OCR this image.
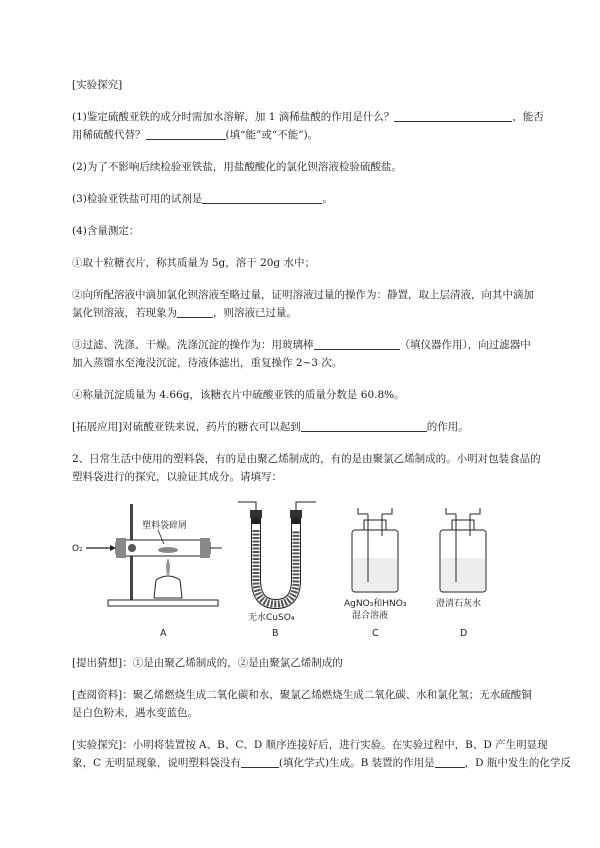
[实验探究]
(1)鉴定硫酸亚铁的成分时需加水溶解，加 1 滴稀盐酸的作用是什么？	，能否
用稀硫酸代替？	(填“能”或“不能”)。
(2)为了不影响后续检验亚铁盐，用盐酸酸化的氯化钡溶液检验硫酸盐。
(3)检验亚铁盐可用的试剂是	。
(4)含量测定：
①取十粒糖衣片，称其质量为 5g，溶于 20g 水中；
②向所配溶液中滴加氯化钡溶液至略过量，证明溶液过量的操作为：静置，取上层清液，向其中滴加
氯化钡溶液，若现象为	，则溶液已过量。
③过滤、洗涤、干燥。洗涤沉淀的操作为：用玻璃棒	（填仪器作用），向过滤器中
加入蒸馏水至淹没沉淀，待液体滤出，重复操作 2~3 次。
④称量沉淀质量为 4.66g，该糖衣片中硫酸亚铁的质量分数是 60.8%。
[拓展应用]对硫酸亚铁来说，药片的糖衣可以起到	的作用。
2、日常生活中使用的塑料袋，有的是由聚乙烯制成的，有的是由聚氯乙烯制成的。小明对包装食品的
塑料袋进行的探究，以验证其成分。请填写：
O₂
塑料袋碎屑
A
无水CuSO₄
B
AgNO₃和HNO₃
混合溶液
C
澄清石灰水
D
[提出猜想]：①是由聚乙烯制成的，②是由聚氯乙烯制成的
[查阅资料]：聚乙烯燃烧生成二氧化碳和水，聚氯乙烯燃烧生成二氧化碳、水和氯化氢；无水硫酸铜
是白色粉末，遇水变蓝色。
[实验探究]：小明将装置按 A、B、C、D 顺序连接好后，进行实验。在实验过程中，B、D 产生明显现
象，C 无明显现象，说明塑料袋没有	(填化学式)生成。B 装置的作用是	，D 瓶中发生的化学反
